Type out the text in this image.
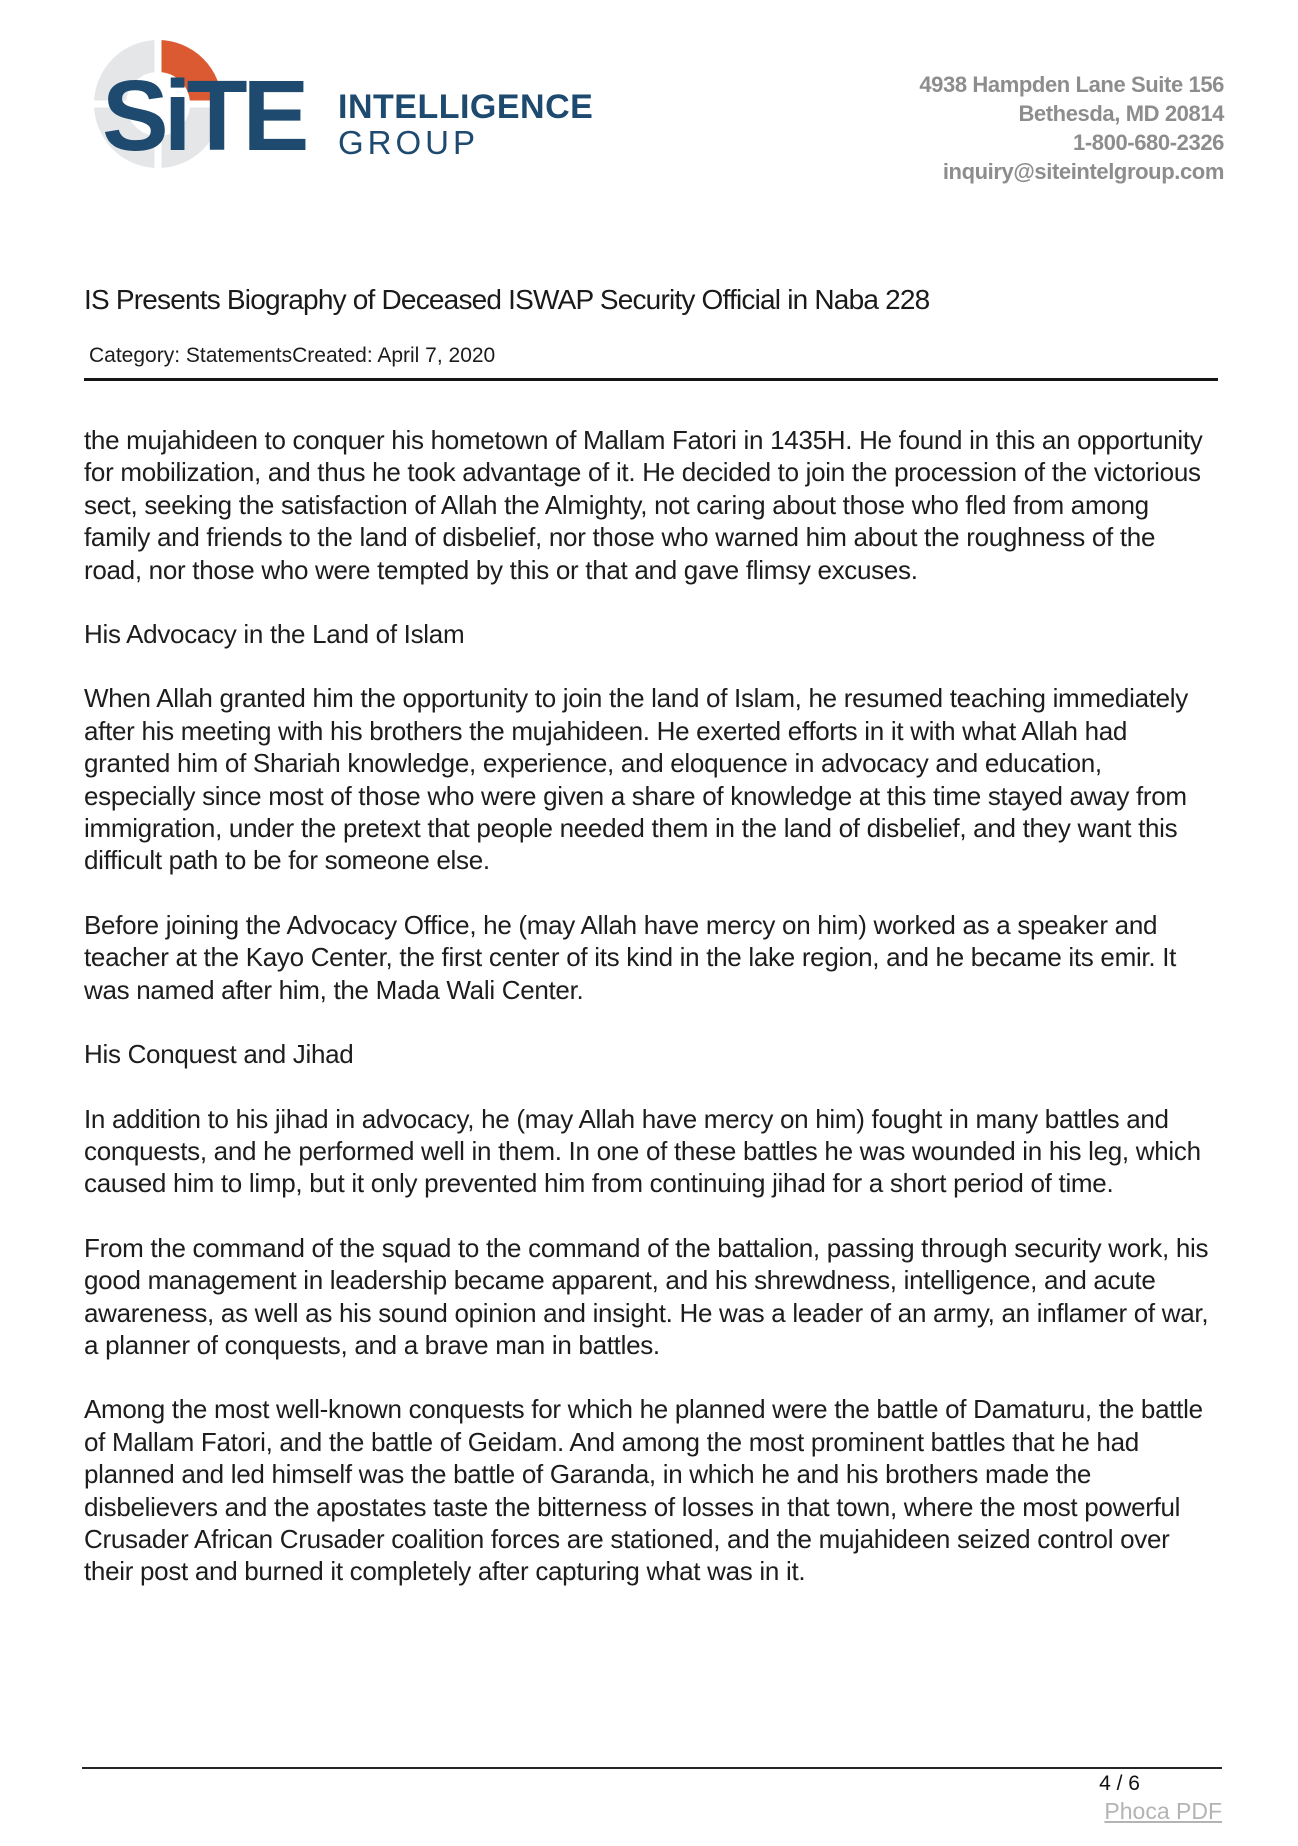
SiTE INTELLIGENCE
GROUP
4938 Hampden Lane Suite 156
Bethesda, MD 20814
1-800-680-2326
inquiry@siteintelgroup.com
IS Presents Biography of Deceased ISWAP Security Official in Naba 228
Category: StatementsCreated: April 7, 2020

the mujahideen to conquer his hometown of Mallam Fatori in 1435H. He found in this an opportunity for mobilization, and thus he took advantage of it. He decided to join the procession of the victorious sect, seeking the satisfaction of Allah the Almighty, not caring about those who fled from among family and friends to the land of disbelief, nor those who warned him about the roughness of the road, nor those who were tempted by this or that and gave flimsy excuses.

His Advocacy in the Land of Islam

When Allah granted him the opportunity to join the land of Islam, he resumed teaching immediately after his meeting with his brothers the mujahideen. He exerted efforts in it with what Allah had granted him of Shariah knowledge, experience, and eloquence in advocacy and education, especially since most of those who were given a share of knowledge at this time stayed away from immigration, under the pretext that people needed them in the land of disbelief, and they want this difficult path to be for someone else.

Before joining the Advocacy Office, he (may Allah have mercy on him) worked as a speaker and teacher at the Kayo Center, the first center of its kind in the lake region, and he became its emir. It was named after him, the Mada Wali Center.

His Conquest and Jihad

In addition to his jihad in advocacy, he (may Allah have mercy on him) fought in many battles and conquests, and he performed well in them. In one of these battles he was wounded in his leg, which caused him to limp, but it only prevented him from continuing jihad for a short period of time.

From the command of the squad to the command of the battalion, passing through security work, his good management in leadership became apparent, and his shrewdness, intelligence, and acute awareness, as well as his sound opinion and insight. He was a leader of an army, an inflamer of war, a planner of conquests, and a brave man in battles.

Among the most well-known conquests for which he planned were the battle of Damaturu, the battle of Mallam Fatori, and the battle of Geidam. And among the most prominent battles that he had planned and led himself was the battle of Garanda, in which he and his brothers made the disbelievers and the apostates taste the bitterness of losses in that town, where the most powerful Crusader African Crusader coalition forces are stationed, and the mujahideen seized control over their post and burned it completely after capturing what was in it.

4 / 6
Phoca PDF
